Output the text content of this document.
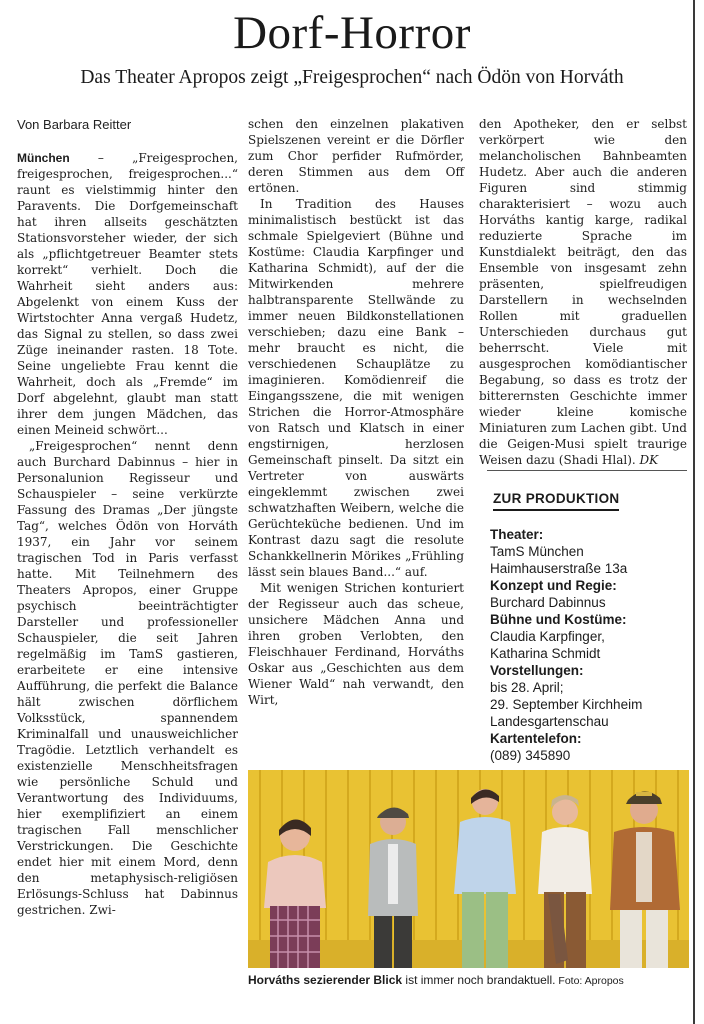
Dorf-Horror
Das Theater Apropos zeigt „Freigesprochen“ nach Ödön von Horváth
Von Barbara Reitter

München – „Freigesprochen, freigesprochen, freigesprochen...“ raunt es vielstimmig hinter den Paravents. Die Dorfgemeinschaft hat ihren allseits geschätzten Stationsvorsteher wieder, der sich als „pflichtgetreuer Beamter stets korrekt“ verhielt. Doch die Wahrheit sieht anders aus: Abgelenkt von einem Kuss der Wirtstochter Anna vergaß Hudetz, das Signal zu stellen, so dass zwei Züge ineinander rasten. 18 Tote. Seine ungeliebte Frau kennt die Wahrheit, doch als „Fremde“ im Dorf abgelehnt, glaubt man statt ihrer dem jungen Mädchen, das einen Meineid schwört...

„Freigesprochen“ nennt denn auch Burchard Dabinnus – hier in Personalunion Regisseur und Schauspieler – seine verkürzte Fassung des Dramas „Der jüngste Tag“, welches Ödön von Horváth 1937, ein Jahr vor seinem tragischen Tod in Paris verfasst hatte. Mit Teilnehmern des Theaters Apropos, einer Gruppe psychisch beeinträchtigter Darsteller und professioneller Schauspieler, die seit Jahren regelmäßig im TamS gastieren, erarbeitete er eine intensive Aufführung, die perfekt die Balance hält zwischen dörflichem Volksstück, spannendem Kriminalfall und unausweichlicher Tragödie. Letztlich verhandelt es existenzielle Menschheitsfragen wie persönliche Schuld und Verantwortung des Individuums, hier exemplifiziert an einem tragischen Fall menschlicher Verstrickungen. Die Geschichte endet hier mit einem Mord, denn den metaphysisch-religiösen Erlösungs-Schluss hat Dabinnus gestrichen. Zwi-

schen den einzelnen plakativen Spielszenen vereint er die Dörfler zum Chor perfider Rufmörder, deren Stimmen aus dem Off ertönen.

In Tradition des Hauses minimalistisch bestückt ist das schmale Spielgeviert (Bühne und Kostüme: Claudia Karpfinger und Katharina Schmidt), auf der die Mitwirkenden mehrere halbtransparente Stellwände zu immer neuen Bildkonstellationen verschieben; dazu eine Bank – mehr braucht es nicht, die verschiedenen Schauplätze zu imaginieren. Komödienreif die Eingangsszene, die mit wenigen Strichen die Horror-Atmosphäre von Ratsch und Klatsch in einer engstirnigen, herzlosen Gemeinschaft pinselt. Da sitzt ein Vertreter von auswärts eingeklemmt zwischen zwei schwatzhaften Weibern, welche die Gerüchteküche bedienen. Und im Kontrast dazu sagt die resolute Schankkellnerin Mörikes „Frühling lässt sein blaues Band...“ auf.

Mit wenigen Strichen konturiert der Regisseur auch das scheue, unsichere Mädchen Anna und ihren groben Verlobten, den Fleischhauer Ferdinand, Horváths Oskar aus „Geschichten aus dem Wiener Wald“ nah verwandt, den Wirt,

den Apotheker, den er selbst verkörpert wie den melancholischen Bahnbeamten Hudetz. Aber auch die anderen Figuren sind stimmig charakterisiert – wozu auch Horváths kantig karge, radikal reduzierte Sprache im Kunstdialekt beiträgt, den das Ensemble von insgesamt zehn präsenten, spielfreudigen Darstellern in wechselnden Rollen mit graduellen Unterschieden durchaus gut beherrscht. Viele mit ausgesprochen komödiantischer Begabung, so dass es trotz der bitterernsten Geschichte immer wieder kleine komische Miniaturen zum Lachen gibt. Und die Geigen-Musi spielt traurige Weisen dazu (Shadi Hlal). DK

ZUR PRODUKTION
Theater:
TamS München
Haimhauserstraße 13a
Konzept und Regie:
Burchard Dabinnus
Bühne und Kostüme:
Claudia Karpfinger,
Katharina Schmidt
Vorstellungen:
bis 28. April;
29. September Kirchheim
Landesgartenschau
Kartentelefon:
(089) 345890
Horváths sezierender Blick ist immer noch brandaktuell. Foto: Apropos
